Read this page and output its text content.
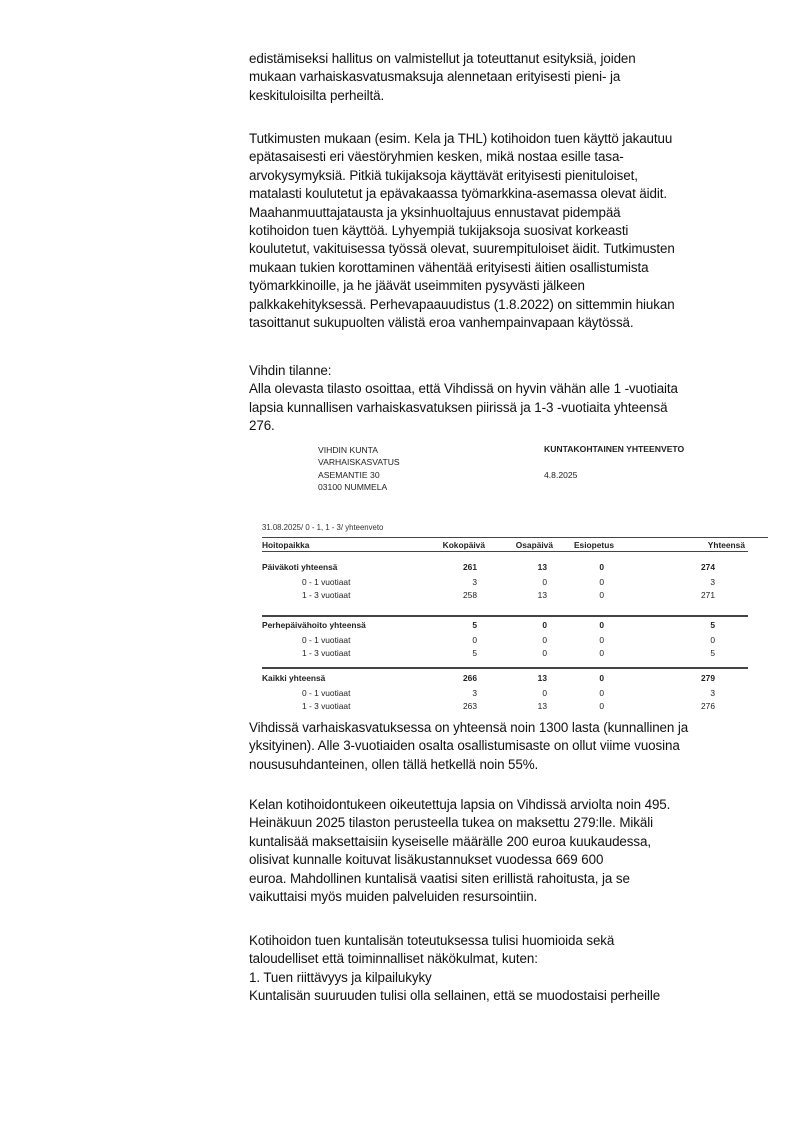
edistämiseksi hallitus on valmistellut ja toteuttanut esityksiä, joiden

mukaan varhaiskasvatusmaksuja alennetaan erityisesti pieni- ja

keskituloisilta perheiltä.

Tutkimusten mukaan (esim. Kela ja THL) kotihoidon tuen käyttö jakautuu

epätasaisesti eri väestöryhmien kesken, mikä nostaa esille tasa-

arvokysymyksiä. Pitkiä tukijaksoja käyttävät erityisesti pienituloiset,

matalasti koulutetut ja epävakaassa työmarkkina-asemassa olevat äidit.

Maahanmuuttajatausta ja yksinhuoltajuus ennustavat pidempää

kotihoidon tuen käyttöä. Lyhyempiä tukijaksoja suosivat korkeasti

koulutetut, vakituisessa työssä olevat, suurempituloiset äidit. Tutkimusten

mukaan tukien korottaminen vähentää erityisesti äitien osallistumista

työmarkkinoille, ja he jäävät useimmiten pysyvästi jälkeen

palkkakehityksessä. Perhevapaauudistus (1.8.2022) on sittemmin hiukan

tasoittanut sukupuolten välistä eroa vanhempainvapaan käytössä.

Vihdin tilanne:

Alla olevasta tilasto osoittaa, että Vihdissä on hyvin vähän alle 1 -vuotiaita

lapsia kunnallisen varhaiskasvatuksen piirissä ja 1-3 -vuotiaita yhteensä

276.

VIHDIN KUNTA
VARHAISKASVATUS
ASEMANTIE 30
03100 NUMMELA
KUNTAKOHTAINEN YHTEENVETO
4.8.2025
31.08.2025/ 0 - 1, 1 - 3/ yhteenveto
Hoitopaikka	Kokopäivä	Osapäivä Esiopetus	Yhteensä
Päiväkoti yhteensä	261	13	0	274
0 - 1 vuotiaat	3	0	0	3
1 - 3 vuotiaat	258	13	0	271
Perhepäivähoito yhteensä	5	0	0	5
0 - 1 vuotiaat	0	0	0	0
1 - 3 vuotiaat	5	0	0	5
Kaikki yhteensä	266	13	0	279
0 - 1 vuotiaat	3	0	0	3
1 - 3 vuotiaat	263	13	0	276

Vihdissä varhaiskasvatuksessa on yhteensä noin 1300 lasta (kunnallinen ja

yksityinen). Alle 3-vuotiaiden osalta osallistumisaste on ollut viime vuosina

noususuhdanteinen, ollen tällä hetkellä noin 55%.

Kelan kotihoidontukeen oikeutettuja lapsia on Vihdissä arviolta noin 495.

Heinäkuun 2025 tilaston perusteella tukea on maksettu 279:lle. Mikäli

kuntalisää maksettaisiin kyseiselle määrälle 200 euroa kuukaudessa,

olisivat kunnalle koituvat lisäkustannukset vuodessa 669 600

euroa. Mahdollinen kuntalisä vaatisi siten erillistä rahoitusta, ja se

vaikuttaisi myös muiden palveluiden resursointiin.

Kotihoidon tuen kuntalisän toteutuksessa tulisi huomioida sekä

taloudelliset että toiminnalliset näkökulmat, kuten:

1. Tuen riittävyys ja kilpailukyky

Kuntalisän suuruuden tulisi olla sellainen, että se muodostaisi perheille
